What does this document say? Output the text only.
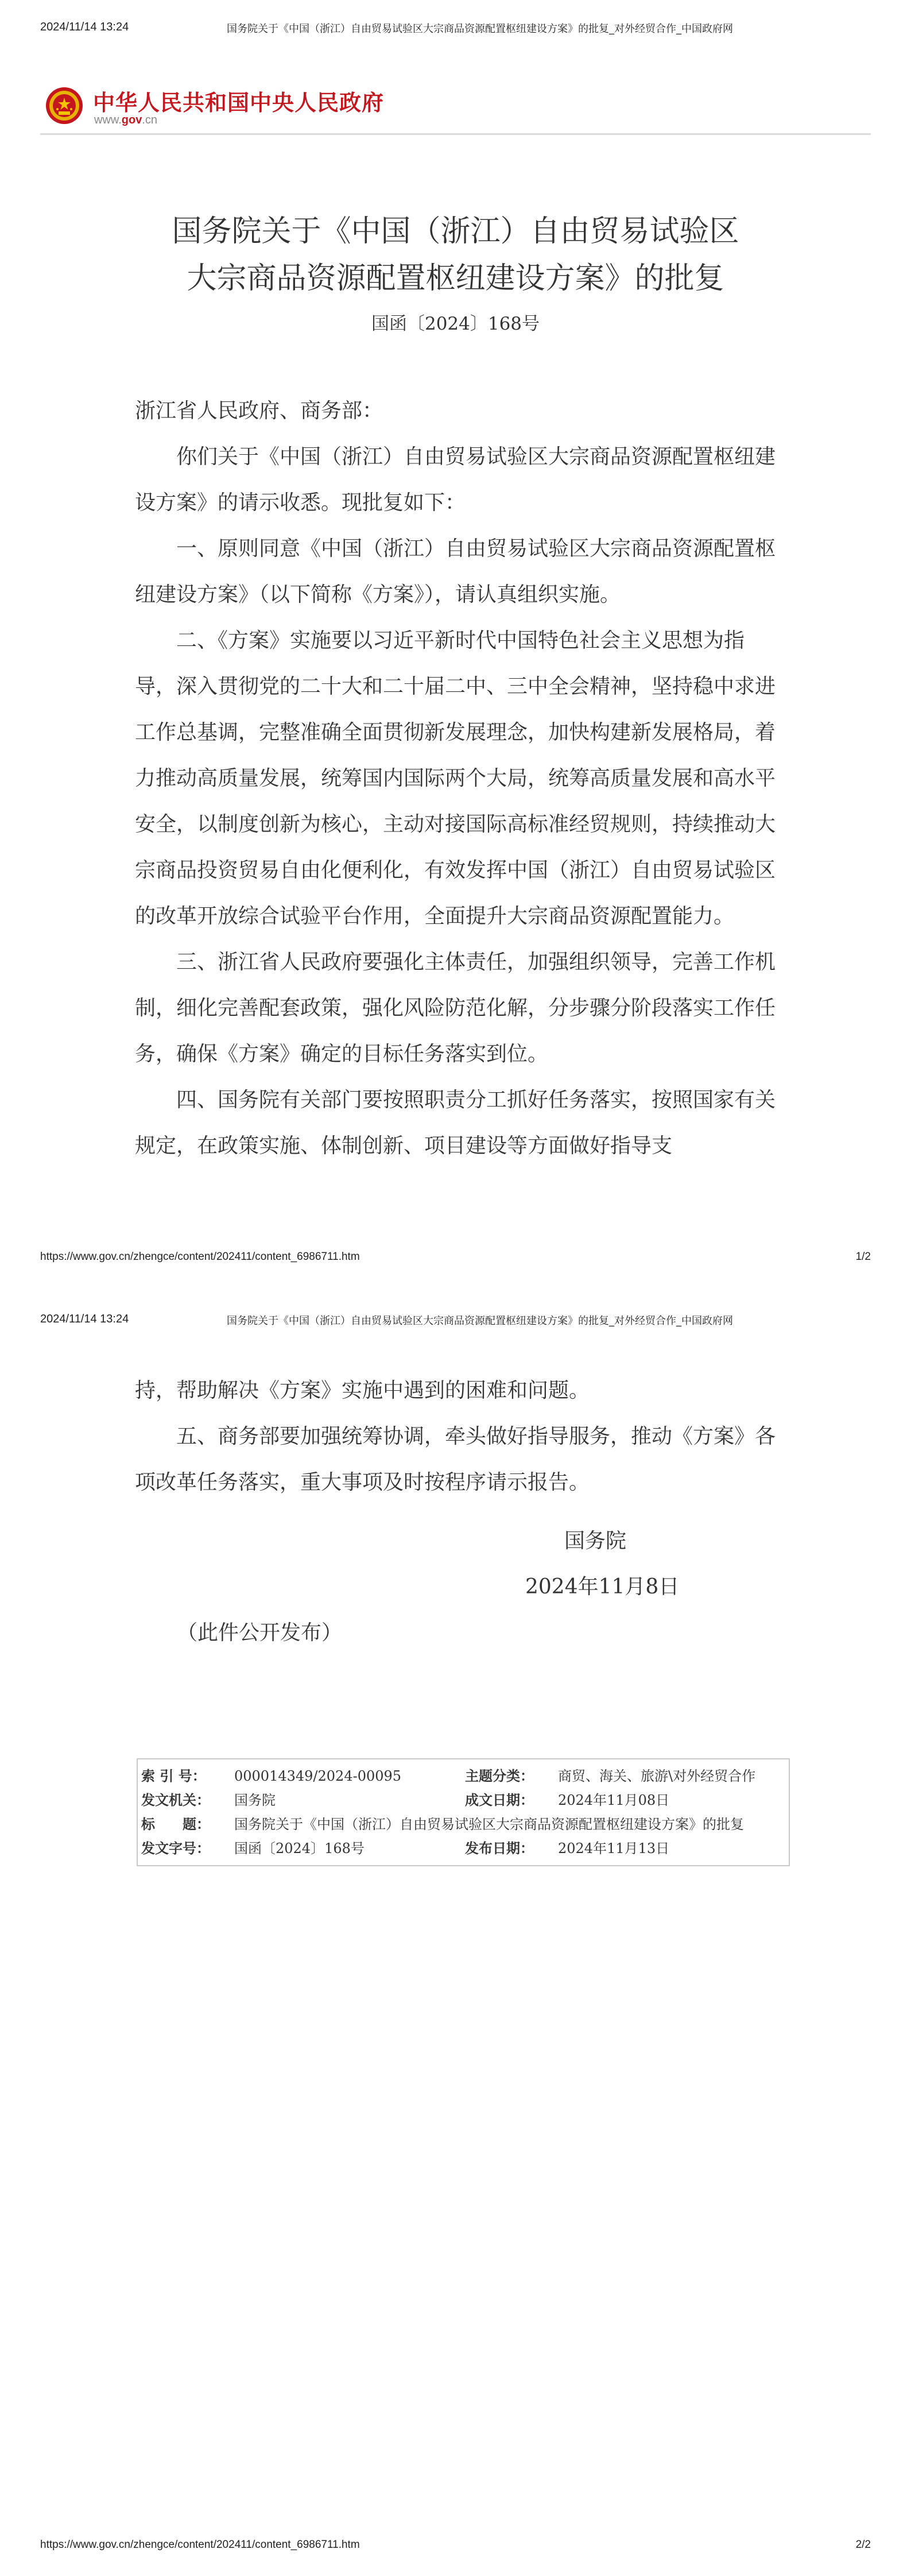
2024/11/14 13:24	国务院关于《中国（浙江）自由贸易试验区大宗商品资源配置枢纽建设方案》的批复_对外经贸合作_中国政府网
中华人民共和国中央人民政府
www.gov.cn
国务院关于《中国（浙江）自由贸易试验区
大宗商品资源配置枢纽建设方案》的批复
国函〔2024〕168号

浙江省人民政府、商务部：

你们关于《中国（浙江）自由贸易试验区大宗商品资源配置枢纽建设方案》的请示收悉。现批复如下：

一、原则同意《中国（浙江）自由贸易试验区大宗商品资源配置枢纽建设方案》（以下简称《方案》），请认真组织实施。

二、《方案》实施要以习近平新时代中国特色社会主义思想为指导，深入贯彻党的二十大和二十届二中、三中全会精神，坚持稳中求进工作总基调，完整准确全面贯彻新发展理念，加快构建新发展格局，着力推动高质量发展，统筹国内国际两个大局，统筹高质量发展和高水平安全，以制度创新为核心，主动对接国际高标准经贸规则，持续推动大宗商品投资贸易自由化便利化，有效发挥中国（浙江）自由贸易试验区的改革开放综合试验平台作用，全面提升大宗商品资源配置能力。

三、浙江省人民政府要强化主体责任，加强组织领导，完善工作机制，细化完善配套政策，强化风险防范化解，分步骤分阶段落实工作任务，确保《方案》确定的目标任务落实到位。

四、国务院有关部门要按照职责分工抓好任务落实，按照国家有关规定，在政策实施、体制创新、项目建设等方面做好指导支

https://www.gov.cn/zhengce/content/202411/content_6986711.htm	1/2
2024/11/14 13:24	国务院关于《中国（浙江）自由贸易试验区大宗商品资源配置枢纽建设方案》的批复_对外经贸合作_中国政府网

持，帮助解决《方案》实施中遇到的困难和问题。

五、商务部要加强统筹协调，牵头做好指导服务，推动《方案》各项改革任务落实，重大事项及时按程序请示报告。

国务院
2024年11月8日
（此件公开发布）
索 引 号：	000014349/2024-00095	主题分类：	商贸、海关、旅游\对外经贸合作
发文机关：	国务院	成文日期：	2024年11月08日
标　　题：	国务院关于《中国（浙江）自由贸易试验区大宗商品资源配置枢纽建设方案》的批复		
发文字号：	国函〔2024〕168号	发布日期：	2024年11月13日
https://www.gov.cn/zhengce/content/202411/content_6986711.htm	2/2
